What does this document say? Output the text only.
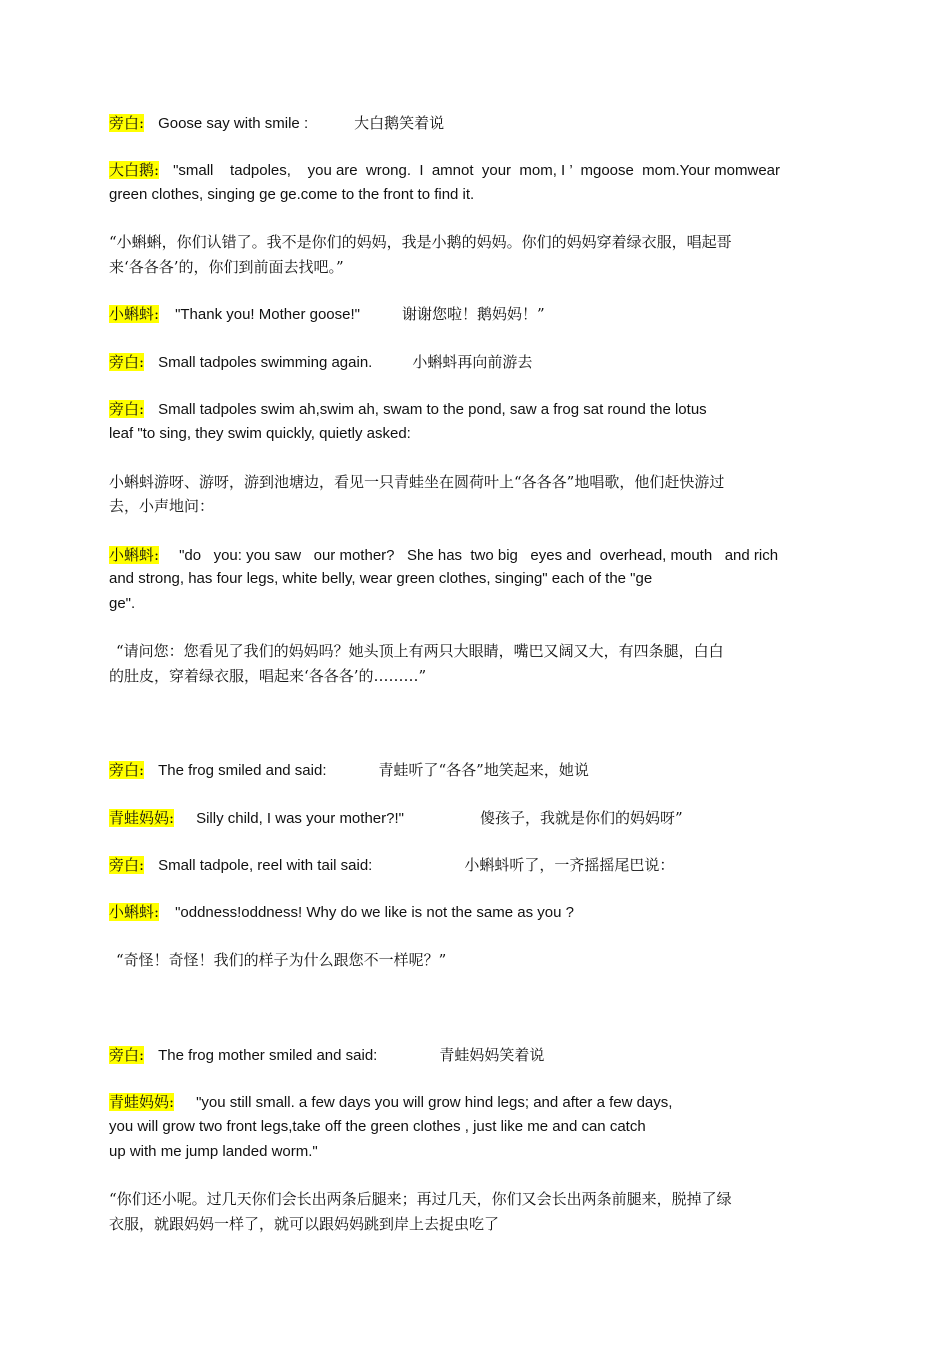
旁白: Goose say with smile :	大白鹅笑着说
大白鹅: "small    tadpoles,    you are  wrong.  I  amnot  your  mom, I ’  mgoose  mom.Your momwear
green clothes, singing ge ge.come to the front to find it.
“小蝌蝌，你们认错了。我不是你们的妈妈，我是小鹅的妈妈。你们的妈妈穿着绿衣服，唱起哥
来‘各各各’的，你们到前面去找吧。”
小蝌蚪: "Thank you! Mother goose!"	谢谢您啦！鹅妈妈！”
旁白: Small tadpoles swimming again.	小蝌蚪再向前游去
旁白: Small tadpoles swim ah,swim ah, swam to the pond, saw a frog sat round the lotus
leaf "to sing, they swim quickly, quietly asked:
小蝌蚪游呀、游呀，游到池塘边，看见一只青蛙坐在圆荷叶上“各各各”地唱歌，他们赶快游过
去，小声地问：
小蝌蚪: "do   you: you saw   our mother?   She has  two big   eyes and  overhead, mouth   and rich
and strong, has four legs, white belly, wear green clothes, singing" each of the "ge
ge".
“请问您：您看见了我们的妈妈吗？她头顶上有两只大眼睛，嘴巴又阔又大，有四条腿，白白
的肚皮，穿着绿衣服，唱起来‘各各各’的………”
旁白: The frog smiled and said:	青蛙听了“各各”地笑起来，她说
青蛙妈妈: Silly child, I was your mother?!"	傻孩子，我就是你们的妈妈呀”
旁白: Small tadpole, reel with tail said:	小蝌蚪听了，一齐摇摇尾巴说：
小蝌蚪: "oddness!oddness! Why do we like is not the same as you ?
“奇怪！奇怪！我们的样子为什么跟您不一样呢？”
旁白: The frog mother smiled and said:	青蛙妈妈笑着说
青蛙妈妈: "you still small. a few days you will grow hind legs; and after a few days,
you will grow two front legs,take off the green clothes , just like me and can catch
up with me jump landed worm."
“你们还小呢。过几天你们会长出两条后腿来；再过几天，你们又会长出两条前腿来，脱掉了绿
衣服，就跟妈妈一样了，就可以跟妈妈跳到岸上去捉虫吃了
